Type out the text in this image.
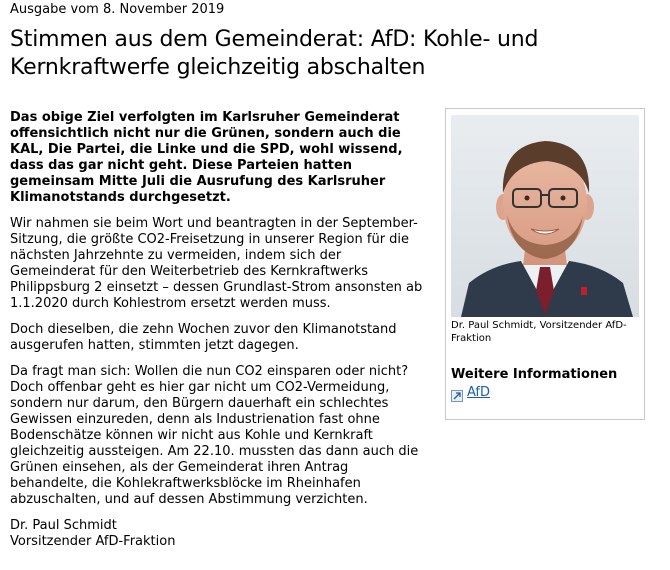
Ausgabe vom 8. November 2019
Stimmen aus dem Gemeinderat: AfD: Kohle- und Kernkraftwerfe gleichzeitig abschalten

Das obige Ziel verfolgten im Karlsruher Gemeinderat offensichtlich nicht nur die Grünen, sondern auch die KAL, Die Partei, die Linke und die SPD, wohl wissend, dass das gar nicht geht. Diese Parteien hatten gemeinsam Mitte Juli die Ausrufung des Karlsruher Klimanotstands durchgesetzt.

Wir nahmen sie beim Wort und beantragten in der September-Sitzung, die größte CO2-Freisetzung in unserer Region für die nächsten Jahrzehnte zu vermeiden, indem sich der Gemeinderat für den Weiterbetrieb des Kernkraftwerks Philippsburg 2 einsetzt – dessen Grundlast-Strom ansonsten ab 1.1.2020 durch Kohlestrom ersetzt werden muss.

Doch dieselben, die zehn Wochen zuvor den Klimanotstand ausgerufen hatten, stimmten jetzt dagegen.

Da fragt man sich: Wollen die nun CO2 einsparen oder nicht? Doch offenbar geht es hier gar nicht um CO2-Vermeidung, sondern nur darum, den Bürgern dauerhaft ein schlechtes Gewissen einzureden, denn als Industrienation fast ohne Bodenschätze können wir nicht aus Kohle und Kernkraft gleichzeitig aussteigen. Am 22.10. mussten das dann auch die Grünen einsehen, als der Gemeinderat ihren Antrag behandelte, die Kohlekraftwerksblöcke im Rheinhafen abzuschalten, und auf dessen Abstimmung verzichten.

Dr. Paul Schmidt
Vorsitzender AfD-Fraktion
Dr. Paul Schmidt, Vorsitzender AfD-Fraktion
Weitere Informationen
AfD
